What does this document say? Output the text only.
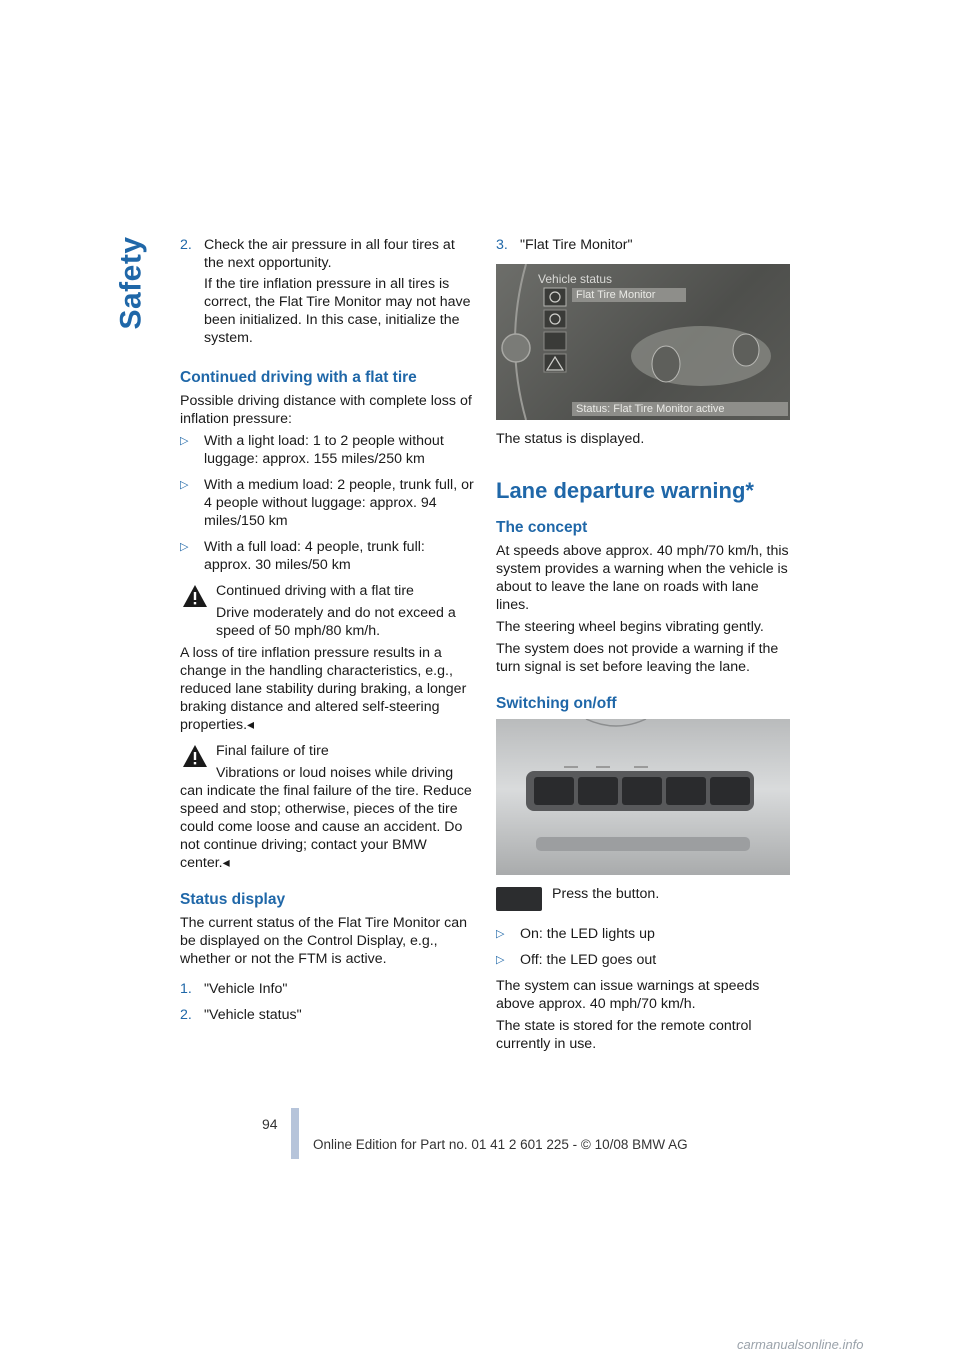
Safety 2. Check the air pressure in all four tires at the next opportunity.

If the tire inflation pressure in all tires is correct, the Flat Tire Monitor may not have been initialized. In this case, initialize the system.

Continued driving with a flat tire

Possible driving distance with complete loss of inflation pressure:

▷	With a light load: 1 to 2 people without luggage: approx. 155 miles/250 km
▷	With a medium load: 2 people, trunk full, or 4 people without luggage: approx. 94 miles/150 km
▷	With a full load: 4 people, trunk full: approx. 30 miles/50 km

Continued driving with a flat tire

Drive moderately and do not exceed a speed of 50 mph/80 km/h.

A loss of tire inflation pressure results in a change in the handling characteristics, e.g., reduced lane stability during braking, a longer braking distance and altered self-steering properties.◂

Final failure of tire

Vibrations or loud noises while driving can indicate the final failure of the tire. Reduce speed and stop; otherwise, pieces of the tire could come loose and cause an accident. Do not continue driving; contact your BMW center.◂

Status display

The current status of the Flat Tire Monitor can be displayed on the Control Display, e.g., whether or not the FTM is active.

1. "Vehicle Info"
2. "Vehicle status"
3. "Flat Tire Monitor"
Vehicle status
Flat Tire Monitor
Status: Flat Tire Monitor active

The status is displayed.

Lane departure warning*
The concept

At speeds above approx. 40 mph/70 km/h, this system provides a warning when the vehicle is about to leave the lane on roads with lane lines.

The steering wheel begins vibrating gently.

The system does not provide a warning if the turn signal is set before leaving the lane.

Switching on/off
Press the button.
▷	On: the LED lights up
▷	Off: the LED goes out

The system can issue warnings at speeds above approx. 40 mph/70 km/h.

The state is stored for the remote control currently in use.

94
Online Edition for Part no. 01 41 2 601 225 - © 10/08 BMW AG
carmanualsonline.info
